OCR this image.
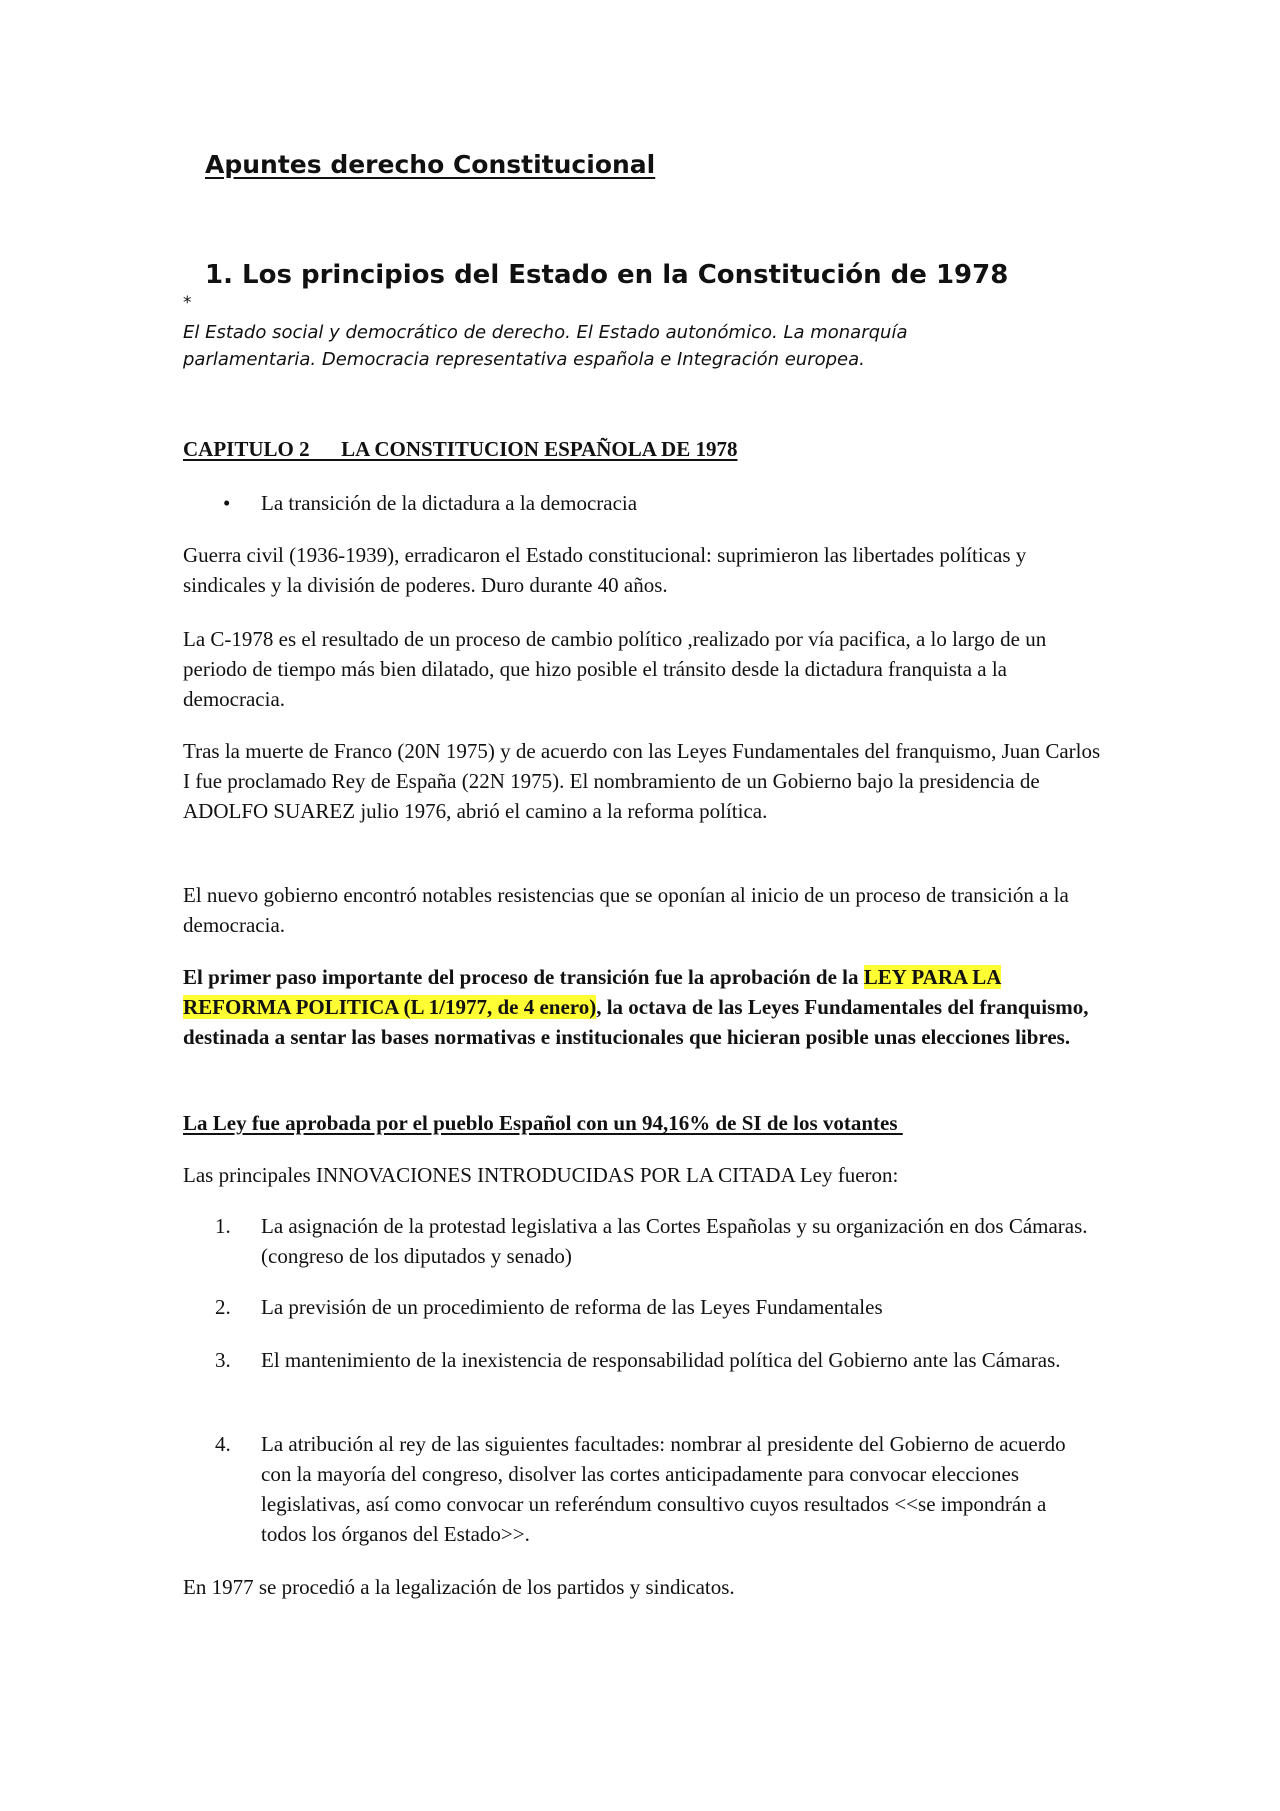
Apuntes derecho Constitucional

1. Los principios del Estado en la Constitución de 1978

*

El Estado social y democrático de derecho. El Estado autonómico. La monarquía parlamentaria. Democracia representativa española e Integración europea.

CAPITULO 2      LA CONSTITUCION ESPAÑOLA DE 1978

• La transición de la dictadura a la democracia

Guerra civil (1936-1939), erradicaron el Estado constitucional: suprimieron las libertades políticas y sindicales y la división de poderes. Duro durante 40 años.

La C-1978 es el resultado de un proceso de cambio político ,realizado por vía pacifica, a lo largo de un periodo de tiempo más bien dilatado, que hizo posible el tránsito desde la dictadura franquista a la democracia.

Tras la muerte de Franco (20N 1975) y de acuerdo con las Leyes Fundamentales del franquismo, Juan Carlos I fue proclamado Rey de España (22N 1975). El nombramiento de un Gobierno bajo la presidencia de ADOLFO SUAREZ julio 1976, abrió el camino a la reforma política.

El nuevo gobierno encontró notables resistencias que se oponían al inicio de un proceso de transición a la democracia.

El primer paso importante del proceso de transición fue la aprobación de la LEY PARA LA REFORMA POLITICA (L 1/1977, de 4 enero), la octava de las Leyes Fundamentales del franquismo, destinada a sentar las bases normativas e institucionales que hicieran posible unas elecciones libres.

La Ley fue aprobada por el pueblo Español con un 94,16% de SI de los votantes

Las principales INNOVACIONES INTRODUCIDAS POR LA CITADA Ley fueron:

1.	La asignación de la protestad legislativa a las Cortes Españolas y su organización en dos Cámaras.(congreso de los diputados y senado)
2.	La previsión de un procedimiento de reforma de las Leyes Fundamentales
3.	El mantenimiento de la inexistencia de responsabilidad política del Gobierno ante las Cámaras.
4.	La atribución al rey de las siguientes facultades: nombrar al presidente del Gobierno de acuerdo con la mayoría del congreso, disolver las cortes anticipadamente para convocar elecciones legislativas, así como convocar un referéndum consultivo cuyos resultados <<se impondrán a todos los órganos del Estado>>.

En 1977 se procedió a la legalización de los partidos y sindicatos.
